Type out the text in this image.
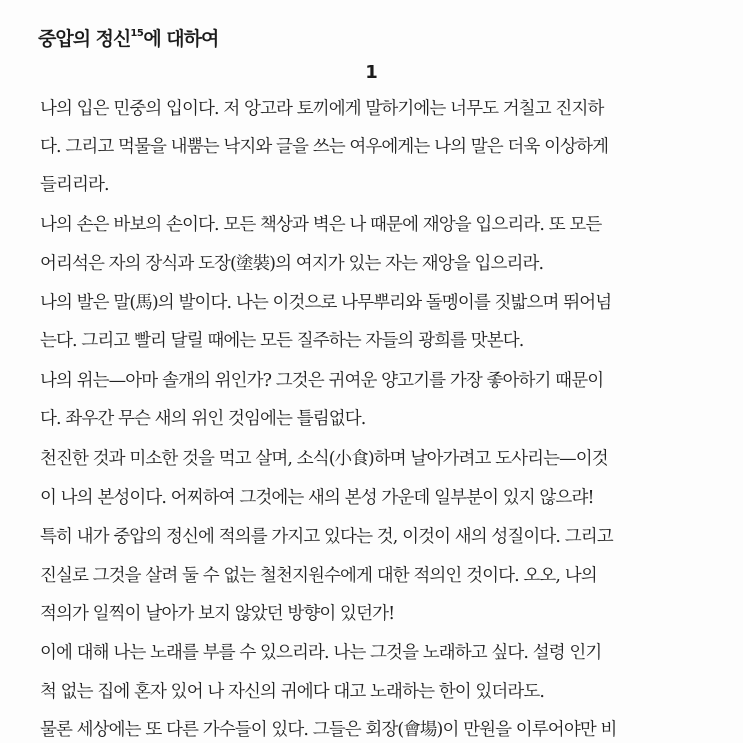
중압의 정신$^{15}$에 대하여
1
나의 입은 민중의 입이다. 저 앙고라 토끼에게 말하기에는 너무도 거칠고 진지하
다. 그리고 먹물을 내뿜는 낙지와 글을 쓰는 여우에게는 나의 말은 더욱 이상하게
들리리라.
나의 손은 바보의 손이다. 모든 책상과 벽은 나 때문에 재앙을 입으리라. 또 모든
어리석은 자의 장식과 도장(塗裝)의 여지가 있는 자는 재앙을 입으리라.
나의 발은 말(馬)의 발이다. 나는 이것으로 나무뿌리와 돌멩이를 짓밟으며 뛰어넘
는다. 그리고 빨리 달릴 때에는 모든 질주하는 자들의 광희를 맛본다.
나의 위는—아마 솔개의 위인가? 그것은 귀여운 양고기를 가장 좋아하기 때문이
다. 좌우간 무슨 새의 위인 것임에는 틀림없다.
천진한 것과 미소한 것을 먹고 살며, 소식(小食)하며 날아가려고 도사리는—이것
이 나의 본성이다. 어찌하여 그것에는 새의 본성 가운데 일부분이 있지 않으랴!
특히 내가 중압의 정신에 적의를 가지고 있다는 것, 이것이 새의 성질이다. 그리고
진실로 그것을 살려 둘 수 없는 철천지원수에게 대한 적의인 것이다. 오오, 나의
적의가 일찍이 날아가 보지 않았던 방향이 있던가!
이에 대해 나는 노래를 부를 수 있으리라. 나는 그것을 노래하고 싶다. 설령 인기
척 없는 집에 혼자 있어 나 자신의 귀에다 대고 노래하는 한이 있더라도.
물론 세상에는 또 다른 가수들이 있다. 그들은 회장(會場)이 만원을 이루어야만 비
